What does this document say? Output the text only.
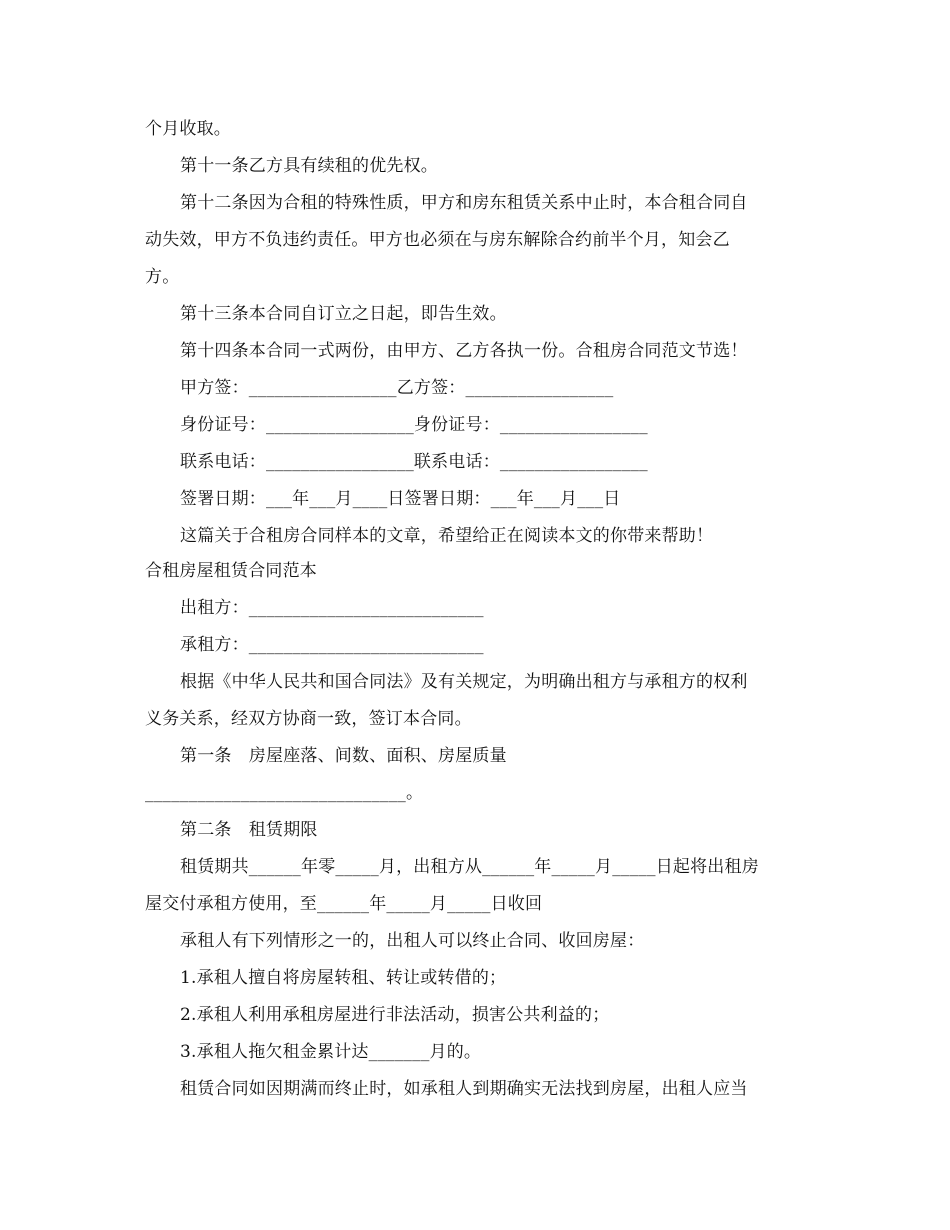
个月收取。
第十一条乙方具有续租的优先权。
第十二条因为合租的特殊性质，甲方和房东租赁关系中止时，本合租合同自
动失效，甲方不负违约责任。甲方也必须在与房东解除合约前半个月，知会乙
方。
第十三条本合同自订立之日起，即告生效。
第十四条本合同一式两份，由甲方、乙方各执一份。合租房合同范文节选！
甲方签：_________________乙方签：_________________
身份证号：_________________身份证号：_________________
联系电话：_________________联系电话：_________________
签署日期：___年___月____日签署日期：___年___月___日
这篇关于合租房合同样本的文章，希望给正在阅读本文的你带来帮助！
合租房屋租赁合同范本
出租方：___________________________
承租方：___________________________
根据《中华人民共和国合同法》及有关规定，为明确出租方与承租方的权利
义务关系，经双方协商一致，签订本合同。
第一条　房屋座落、间数、面积、房屋质量
______________________________。
第二条　租赁期限
租赁期共______年零_____月，出租方从______年_____月_____日起将出租房
屋交付承租方使用，至______年_____月_____日收回
承租人有下列情形之一的，出租人可以终止合同、收回房屋：
1.承租人擅自将房屋转租、转让或转借的；
2.承租人利用承租房屋进行非法活动，损害公共利益的；
3.承租人拖欠租金累计达_______月的。
租赁合同如因期满而终止时，如承租人到期确实无法找到房屋，出租人应当
